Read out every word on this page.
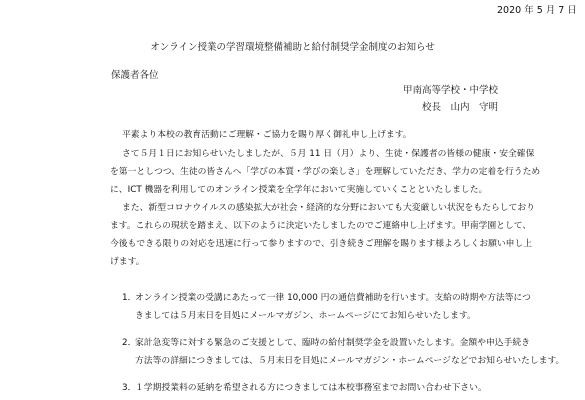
2020 年 5 月 7 日
オンライン授業の学習環境整備補助と給付制奨学金制度のお知らせ
保護者各位
甲南高等学校・中学校
校長　山内　守明
平素より本校の教育活動にご理解・ご協力を賜り厚く御礼申し上げます。
さて５月１日にお知らせいたしましたが、５月 11 日（月）より、生徒・保護者の皆様の健康・安全確保
を第一としつつ、生徒の皆さんへ「学びの本質・学びの楽しさ」を理解していただき、学力の定着を行うため
に、ICT 機器を利用してのオンライン授業を全学年において実施していくことといたしました。
また、新型コロナウイルスの感染拡大が社会・経済的な分野においても大変厳しい状況をもたらしており
ます。これらの現状を踏まえ、以下のように決定いたしましたのでご連絡申し上げます。甲南学園として、
今後もできる限りの対応を迅速に行って参りますので、引き続きご理解を賜ります様よろしくお願い申し上
げます。
1．オンライン授業の受講にあたって一律 10,000 円の通信費補助を行います。支給の時期や方法等につ
きましては５月末日を目処にメールマガジン、ホームページにてお知らせいたします。
2．家計急変等に対する緊急のご支援として、臨時の給付制奨学金を設置いたします。金額や申込手続き
方法等の詳細につきましては、５月末日を目処にメールマガジン・ホームページなどでお知らせいたします。
3．１学期授業料の延納を希望される方につきましては本校事務室までお問い合わせ下さい。
